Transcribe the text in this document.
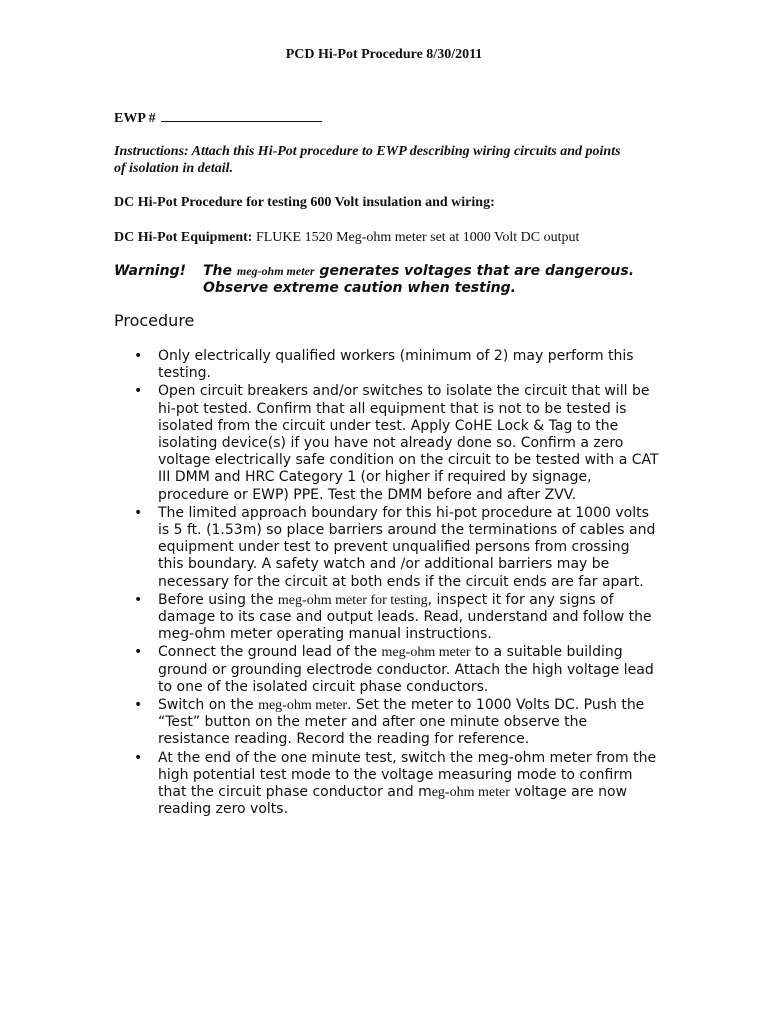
PCD Hi-Pot Procedure 8/30/2011
EWP #
Instructions: Attach this Hi-Pot procedure to EWP describing wiring circuits and points of isolation in detail.
DC Hi-Pot Procedure for testing 600 Volt insulation and wiring:
DC Hi-Pot Equipment: FLUKE 1520 Meg-ohm meter set at 1000 Volt DC output
Warning! The meg-ohm meter generates voltages that are dangerous.
Observe extreme caution when testing.
Procedure
• Only electrically qualified workers (minimum of 2) may perform this testing.
• Open circuit breakers and/or switches to isolate the circuit that will be hi-pot tested. Confirm that all equipment that is not to be tested is isolated from the circuit under test. Apply CoHE Lock & Tag to the isolating device(s) if you have not already done so. Confirm a zero voltage electrically safe condition on the circuit to be tested with a CAT III DMM and HRC Category 1 (or higher if required by signage, procedure or EWP) PPE. Test the DMM before and after ZVV.
• The limited approach boundary for this hi-pot procedure at 1000 volts is 5 ft. (1.53m) so place barriers around the terminations of cables and equipment under test to prevent unqualified persons from crossing this boundary. A safety watch and /or additional barriers may be necessary for the circuit at both ends if the circuit ends are far apart.
• Before using the meg-ohm meter for testing, inspect it for any signs of damage to its case and output leads. Read, understand and follow the meg-ohm meter operating manual instructions.
• Connect the ground lead of the meg-ohm meter to a suitable building ground or grounding electrode conductor. Attach the high voltage lead to one of the isolated circuit phase conductors.
• Switch on the meg-ohm meter. Set the meter to 1000 Volts DC. Push the “Test” button on the meter and after one minute observe the resistance reading. Record the reading for reference.
• At the end of the one minute test, switch the meg-ohm meter from the high potential test mode to the voltage measuring mode to confirm that the circuit phase conductor and meg-ohm meter voltage are now reading zero volts.
